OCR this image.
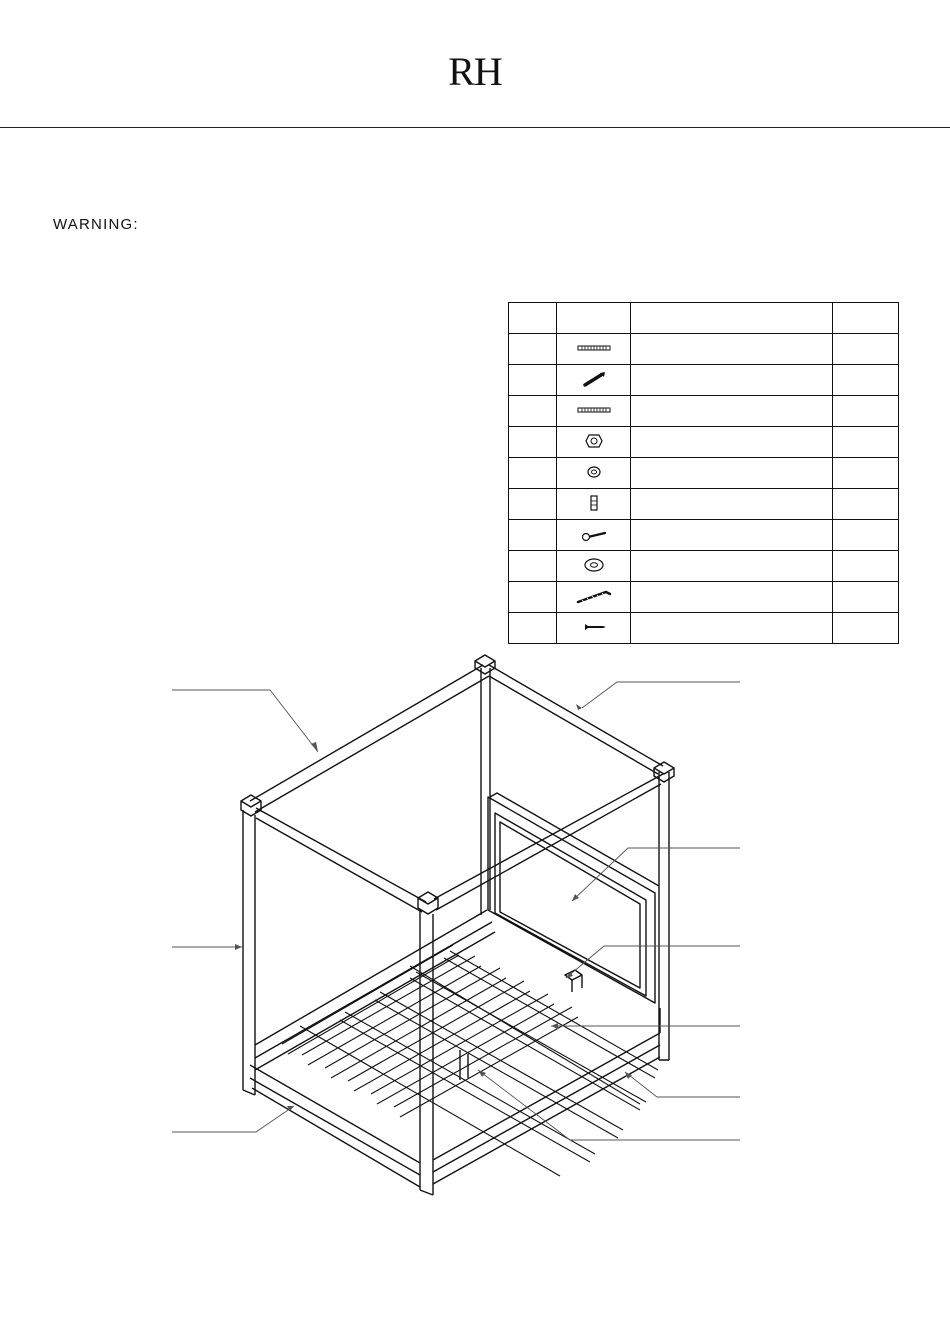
RH
WARNING:
